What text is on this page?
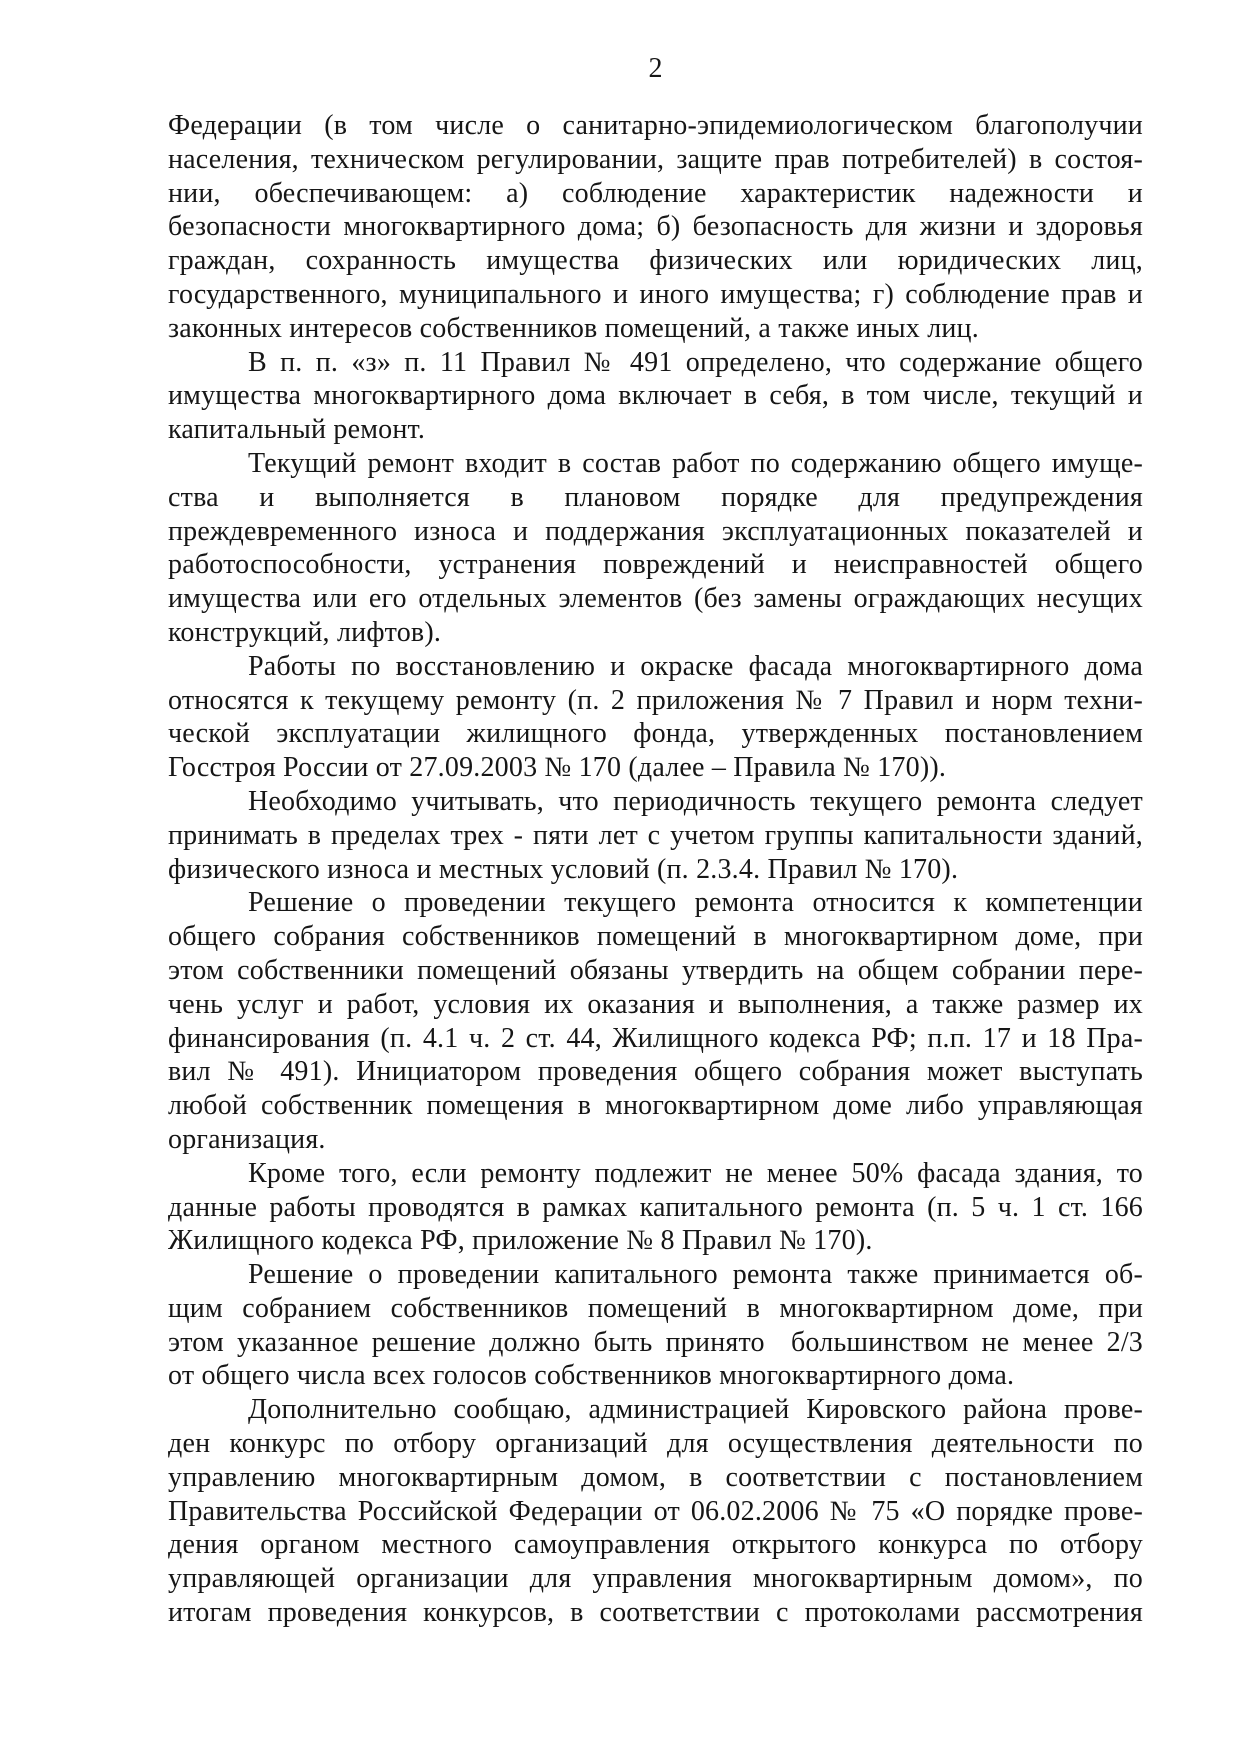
2
Федерации (в том числе о санитарно-эпидемиологическом благополучии
населения, техническом регулировании, защите прав потребителей) в состоя-
нии, обеспечивающем: а) соблюдение характеристик надежности и
безопасности многоквартирного дома; б) безопасность для жизни и здоровья
граждан, сохранность имущества физических или юридических лиц,
государственного, муниципального и иного имущества; г) соблюдение прав и
законных интересов собственников помещений, а также иных лиц.
В п. п. «з» п. 11 Правил № 491 определено, что содержание общего
имущества многоквартирного дома включает в себя, в том числе, текущий и
капитальный ремонт.
Текущий ремонт входит в состав работ по содержанию общего имуще-
ства и выполняется в плановом порядке для предупреждения
преждевременного износа и поддержания эксплуатационных показателей и
работоспособности, устранения повреждений и неисправностей общего
имущества или его отдельных элементов (без замены ограждающих несущих
конструкций, лифтов).
Работы по восстановлению и окраске фасада многоквартирного дома
относятся к текущему ремонту (п. 2 приложения № 7 Правил и норм техни-
ческой эксплуатации жилищного фонда, утвержденных постановлением
Госстроя России от 27.09.2003 № 170 (далее – Правила № 170)).
Необходимо учитывать, что периодичность текущего ремонта следует
принимать в пределах трех - пяти лет с учетом группы капитальности зданий,
физического износа и местных условий (п. 2.3.4. Правил № 170).
Решение о проведении текущего ремонта относится к компетенции
общего собрания собственников помещений в многоквартирном доме, при
этом собственники помещений обязаны утвердить на общем собрании пере-
чень услуг и работ, условия их оказания и выполнения, а также размер их
финансирования (п. 4.1 ч. 2 ст. 44, Жилищного кодекса РФ; п.п. 17 и 18 Пра-
вил № 491). Инициатором проведения общего собрания может выступать
любой собственник помещения в многоквартирном доме либо управляющая
организация.
Кроме того, если ремонту подлежит не менее 50% фасада здания, то
данные работы проводятся в рамках капитального ремонта (п. 5 ч. 1 ст. 166
Жилищного кодекса РФ, приложение № 8 Правил № 170).
Решение о проведении капитального ремонта также принимается об-
щим собранием собственников помещений в многоквартирном доме, при
этом указанное решение должно быть принято  большинством не менее 2/3
от общего числа всех голосов собственников многоквартирного дома.
Дополнительно сообщаю, администрацией Кировского района прове-
ден конкурс по отбору организаций для осуществления деятельности по
управлению многоквартирным домом, в соответствии с постановлением
Правительства Российской Федерации от 06.02.2006 № 75 «О порядке прове-
дения органом местного самоуправления открытого конкурса по отбору
управляющей организации для управления многоквартирным домом», по
итогам проведения конкурсов, в соответствии с протоколами рассмотрения
